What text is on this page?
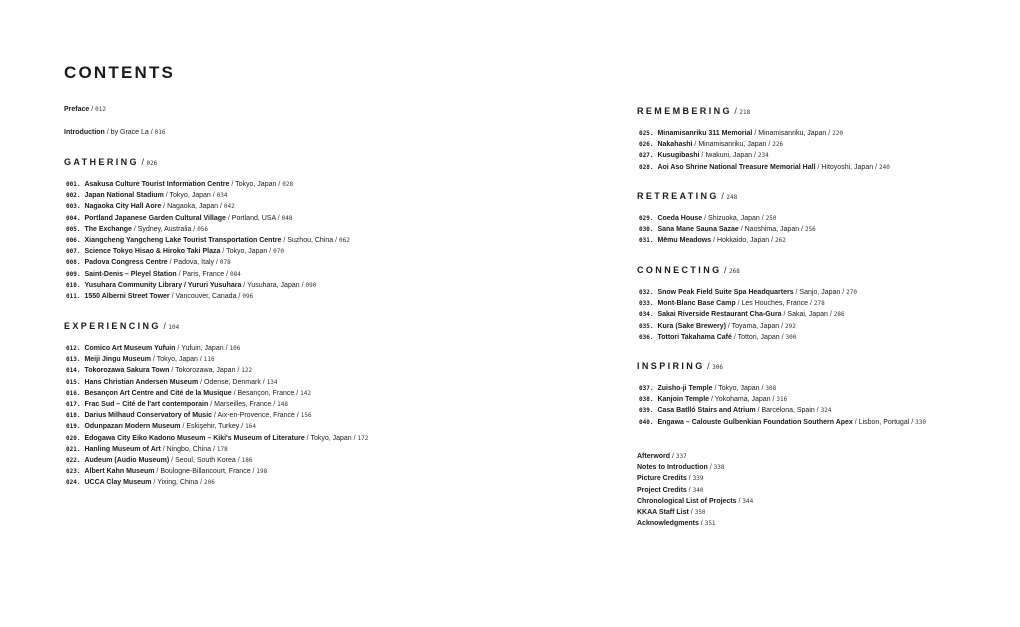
CONTENTS
Preface / 012
Introduction / by Grace La / 016
GATHERING / 026
001. Asakusa Culture Tourist Information Centre / Tokyo, Japan / 028
002. Japan National Stadium / Tokyo, Japan / 034
003. Nagaoka City Hall Aore / Nagaoka, Japan / 042
004. Portland Japanese Garden Cultural Village / Portland, USA / 048
005. The Exchange / Sydney, Australia / 056
006. Xiangcheng Yangcheng Lake Tourist Transportation Centre / Suzhou, China / 062
007. Science Tokyo Hisao & Hiroko Taki Plaza / Tokyo, Japan / 070
008. Padova Congress Centre / Padova, Italy / 078
009. Saint-Denis – Pleyel Station / Paris, France / 084
010. Yusuhara Community Library / Yururi Yusuhara / Yusuhara, Japan / 090
011. 1550 Alberni Street Tower / Vancouver, Canada / 096
EXPERIENCING / 104
012. Comico Art Museum Yufuin / Yufuin, Japan / 106
013. Meiji Jingu Museum / Tokyo, Japan / 116
014. Tokorozawa Sakura Town / Tokorozawa, Japan / 122
015. Hans Christian Andersen Museum / Odense, Denmark / 134
016. Besançon Art Centre and Cité de la Musique / Besançon, France / 142
017. Frac Sud – Cité de l'art contemporain / Marseilles, France / 148
018. Darius Milhaud Conservatory of Music / Aix-en-Provence, France / 156
019. Odunpazarı Modern Museum / Eskişehir, Turkey / 164
020. Edogawa City Eiko Kadono Museum – Kiki's Museum of Literature / Tokyo, Japan / 172
021. Hanling Museum of Art / Ningbo, China / 178
022. Audeum (Audio Museum) / Seoul, South Korea / 186
023. Albert Kahn Museum / Boulogne-Billancourt, France / 198
024. UCCA Clay Museum / Yixing, China / 206
REMEMBERING / 218
025. Minamisanriku 311 Memorial / Minamisanriku, Japan / 220
026. Nakahashi / Minamisanriku, Japan / 226
027. Kusugibashi / Iwakuni, Japan / 234
028. Aoi Aso Shrine National Treasure Memorial Hall / Hitoyoshi, Japan / 240
RETREATING / 248
029. Coeda House / Shizuoka, Japan / 250
030. Sana Mane Sauna Sazae / Naoshima, Japan / 256
031. Mēmu Meadows / Hokkaido, Japan / 262
CONNECTING / 268
032. Snow Peak Field Suite Spa Headquarters / Sanjo, Japan / 270
033. Mont-Blanc Base Camp / Les Houches, France / 278
034. Sakai Riverside Restaurant Cha-Gura / Sakai, Japan / 286
035. Kura (Sake Brewery) / Toyama, Japan / 292
036. Tottori Takahama Café / Tottori, Japan / 300
INSPIRING / 306
037. Zuisho-ji Temple / Tokyo, Japan / 308
038. Kanjoin Temple / Yokohama, Japan / 316
039. Casa Batlló Stairs and Atrium / Barcelona, Spain / 324
040. Engawa – Calouste Gulbenkian Foundation Southern Apex / Lisbon, Portugal / 330
Afterword / 337
Notes to Introduction / 338
Picture Credits / 339
Project Credits / 340
Chronological List of Projects / 344
KKAA Staff List / 350
Acknowledgments / 351
